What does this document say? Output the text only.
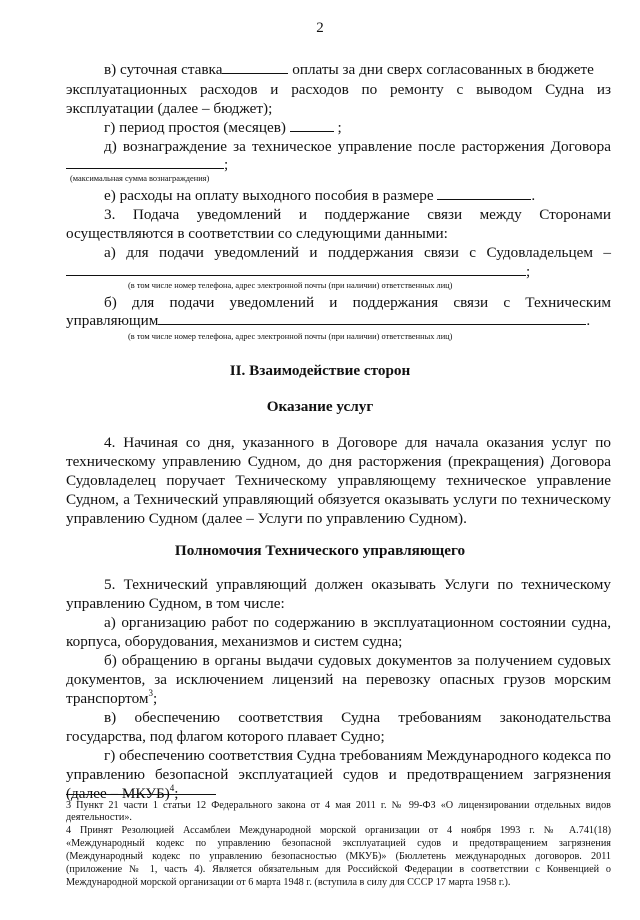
2
в) суточная ставка	оплаты за дни сверх согласованных в бюджете
эксплуатационных расходов и расходов по ремонту с выводом Судна из
эксплуатации (далее – бюджет);
г) период простоя (месяцев)	;
д) вознаграждение за техническое управление после расторжения Договора
;
(максимальная сумма вознаграждения)
е) расходы на оплату выходного пособия в размере	.
3. Подача уведомлений и поддержание связи между Сторонами
осуществляются в соответствии со следующими данными:
а) для подачи уведомлений и поддержания связи с Судовладельцем –
;
(в том числе номер телефона, адрес электронной почты (при наличии) ответственных лиц)
б) для подачи уведомлений и поддержания связи с Техническим
управляющим	.
(в том числе номер телефона, адрес электронной почты (при наличии) ответственных лиц)
II. Взаимодействие сторон
Оказание услуг
4. Начиная со дня, указанного в Договоре для начала оказания услуг по
техническому управлению Судном, до дня расторжения (прекращения) Договора
Судовладелец поручает Техническому управляющему техническое управление
Судном, а Технический управляющий обязуется оказывать услуги по техническому
управлению Судном (далее – Услуги по управлению Судном).
Полномочия Технического управляющего
5. Технический управляющий должен оказывать Услуги по техническому
управлению Судном, в том числе:
а) организацию работ по содержанию в эксплуатационном состоянии судна,
корпуса, оборудования, механизмов и систем судна;
б) обращению в органы выдачи судовых документов за получением судовых
документов, за исключением лицензий на перевозку опасных грузов морским
транспортом$^3$;
в) обеспечению соответствия Судна требованиям законодательства
государства, под флагом которого плавает Судно;
г) обеспечению соответствия Судна требованиям Международного кодекса по
управлению безопасной эксплуатацией судов и предотвращением загрязнения
(далее – МКУБ)$^4$;
3 Пункт 21 части 1 статьи 12 Федерального закона от 4 мая 2011 г. № 99-ФЗ «О лицензировании отдельных видов
деятельности».
4 Принят Резолюцией Ассамблеи Международной морской организации от 4 ноября 1993 г. № А.741(18)
«Международный кодекс по управлению безопасной эксплуатацией судов и предотвращением загрязнения
(Международный кодекс по управлению безопасностью (МКУБ)» (Бюллетень международных договоров. 2011
(приложение № 1, часть 4). Является обязательным для Российской Федерации в соответствии с Конвенцией о
Международной морской организации от 6 марта 1948 г. (вступила в силу для СССР 17 марта 1958 г.).
